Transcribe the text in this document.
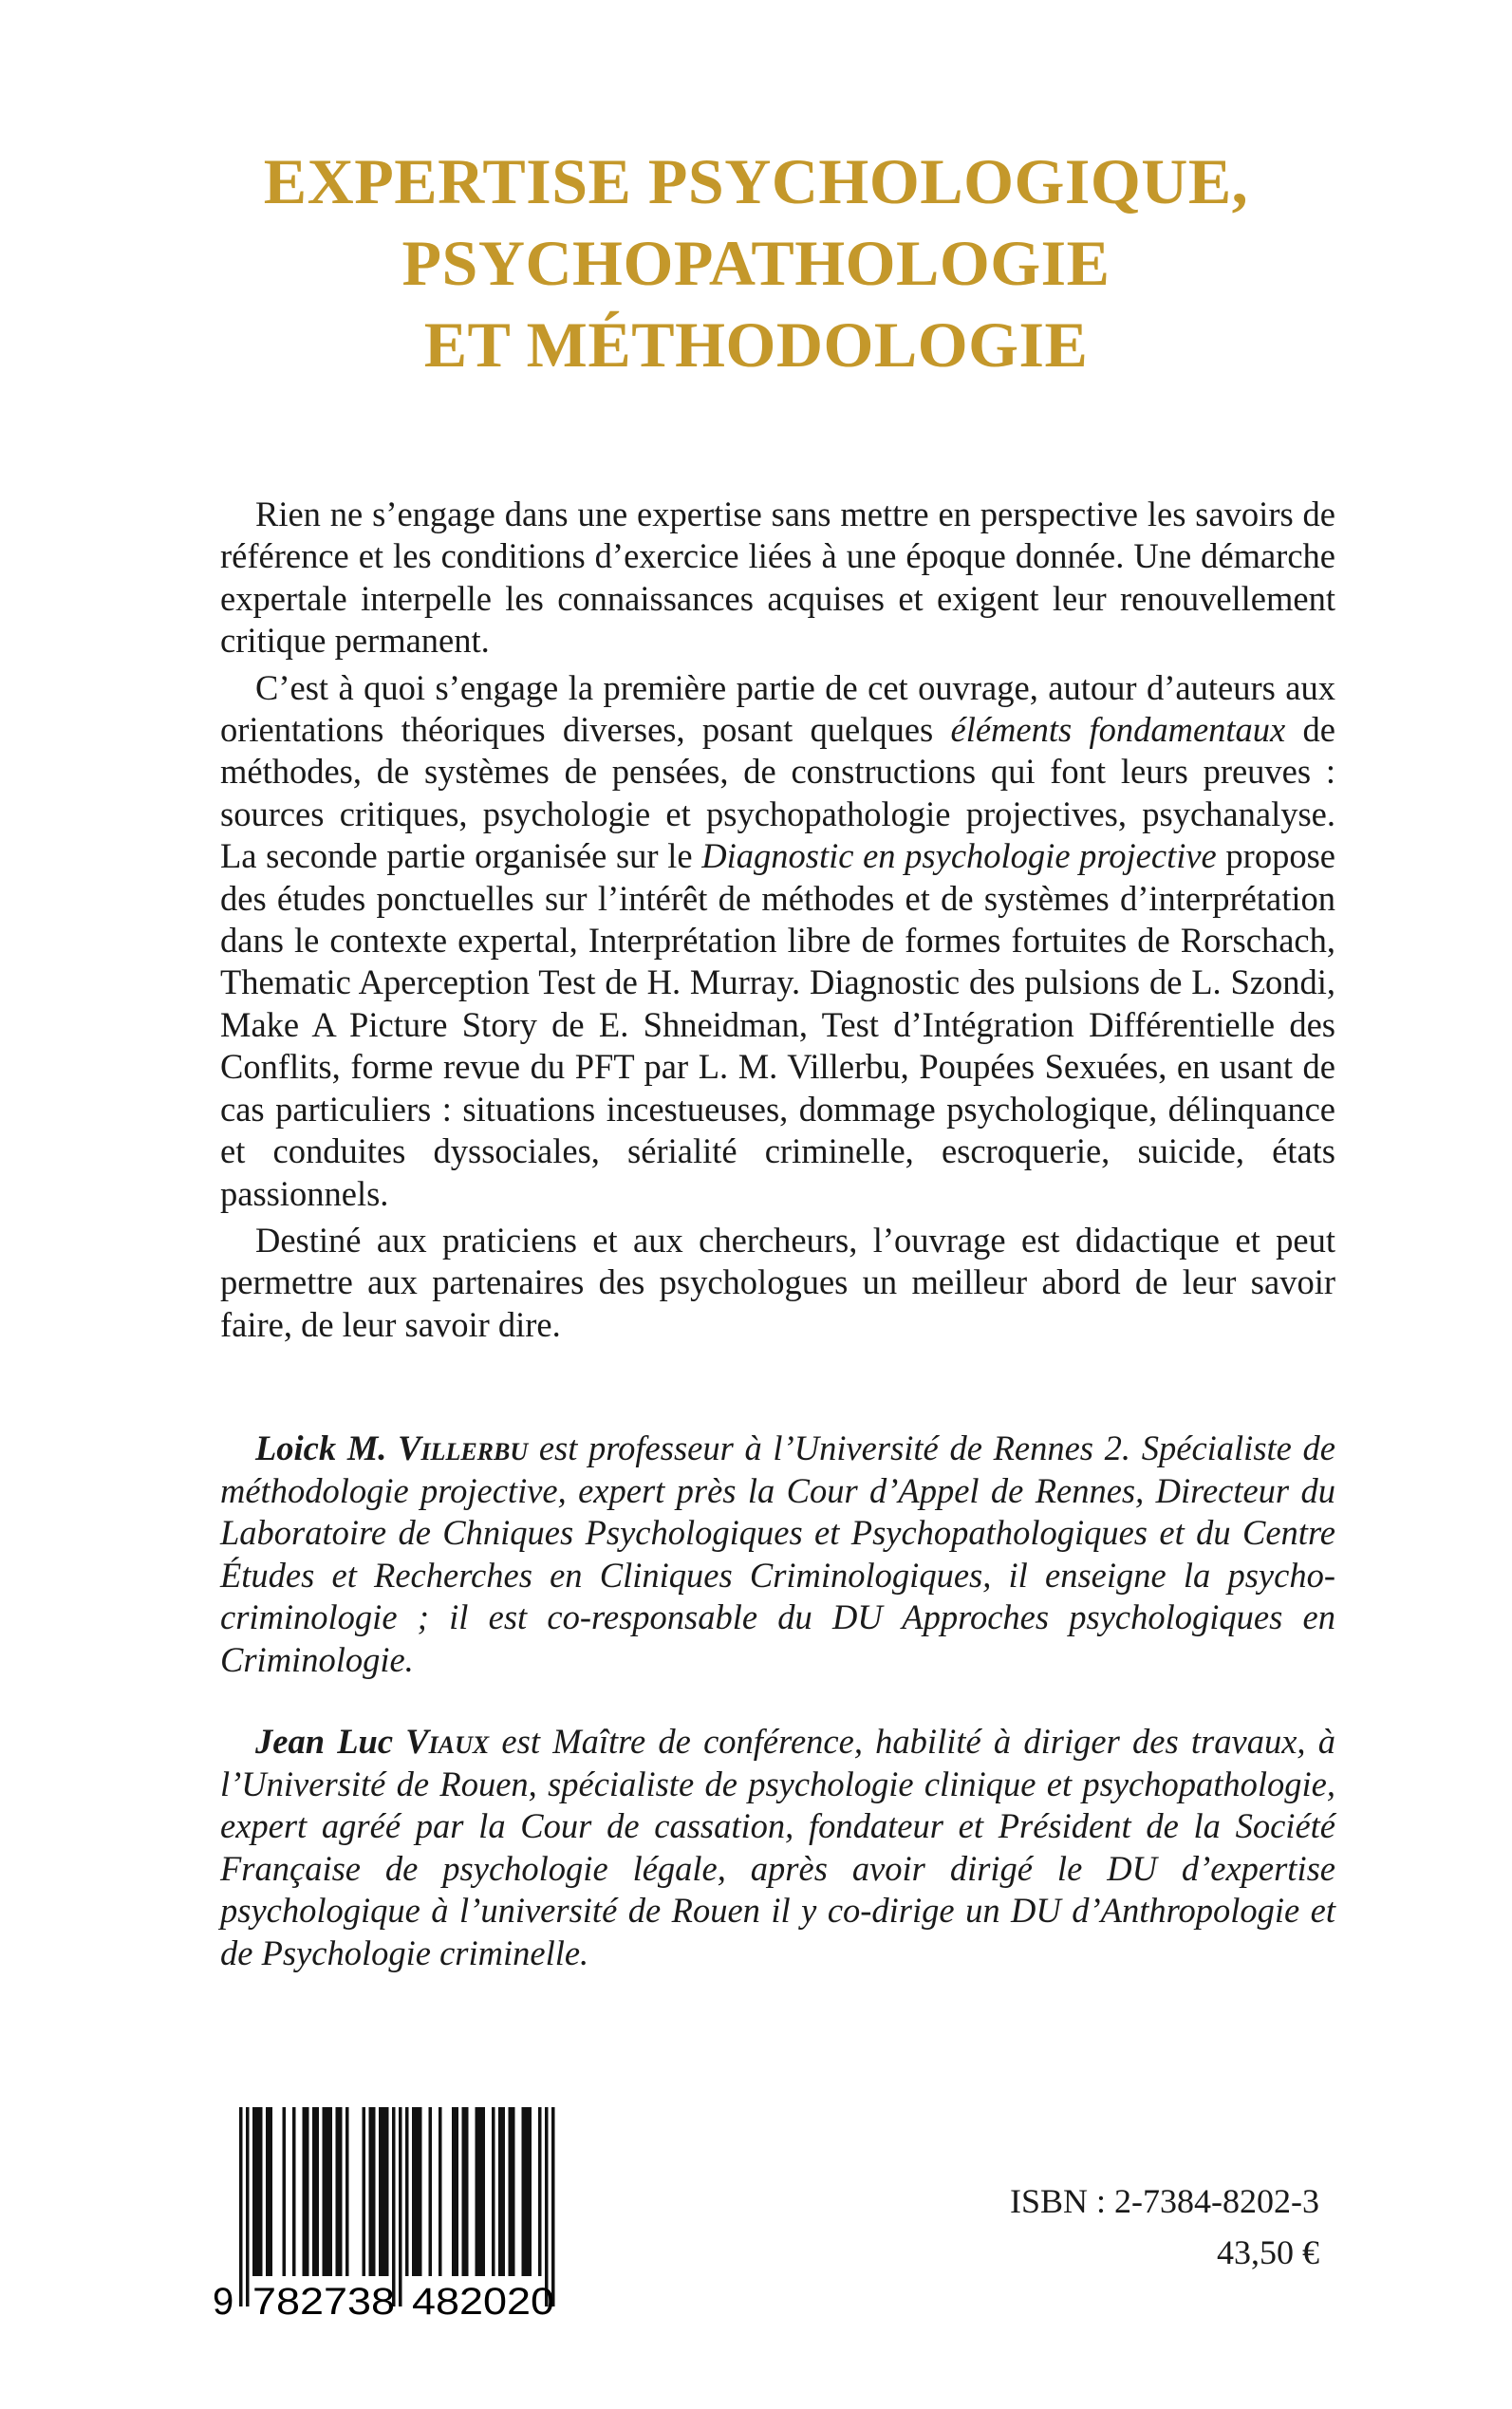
EXPERTISE PSYCHOLOGIQUE,
PSYCHOPATHOLOGIE
ET MÉTHODOLOGIE

Rien ne s’engage dans une expertise sans mettre en perspective les savoirs de référence et les conditions d’exercice liées à une époque donnée. Une démarche expertale interpelle les connaissances acquises et exigent leur renouvellement critique permanent.

C’est à quoi s’engage la première partie de cet ouvrage, autour d’auteurs aux orientations théoriques diverses, posant quelques éléments fondamentaux de méthodes, de systèmes de pensées, de constructions qui font leurs preuves : sources critiques, psychologie et psychopathologie projectives, psychanalyse. La seconde partie organisée sur le Diagnostic en psychologie projective propose des études ponctuelles sur l’intérêt de méthodes et de systèmes d’interprétation dans le contexte expertal, Interprétation libre de formes fortuites de Rorschach, Thematic Aperception Test de H. Murray. Diagnostic des pulsions de L. Szondi, Make A Picture Story de E. Shneidman, Test d’Intégration Différentielle des Conflits, forme revue du PFT par L. M. Villerbu, Poupées Sexuées, en usant de cas particuliers : situations incestueuses, dommage psychologique, délinquance et conduites dyssociales, sérialité criminelle, escroquerie, suicide, états passionnels.

Destiné aux praticiens et aux chercheurs, l’ouvrage est didactique et peut permettre aux partenaires des psychologues un meilleur abord de leur savoir faire, de leur savoir dire.

Loick M. Villerbu est professeur à l’Université de Rennes 2. Spécialiste de méthodologie projective, expert près la Cour d’Appel de Rennes, Directeur du Laboratoire de Chniques Psychologiques et Psychopathologiques et du Centre Études et Recherches en Cliniques Criminologiques, il enseigne la psycho-criminologie ; il est co-responsable du DU Approches psychologiques en Criminologie.

Jean Luc Viaux est Maître de conférence, habilité à diriger des travaux, à l’Université de Rouen, spécialiste de psychologie clinique et psychopathologie, expert agréé par la Cour de cassation, fondateur et Président de la Société Française de psychologie légale, après avoir dirigé le DU d’expertise psychologique à l’université de Rouen il y co-dirige un DU d’Anthropologie et de Psychologie criminelle.

9 782738 482020
ISBN : 2-7384-8202-3
43,50 €
